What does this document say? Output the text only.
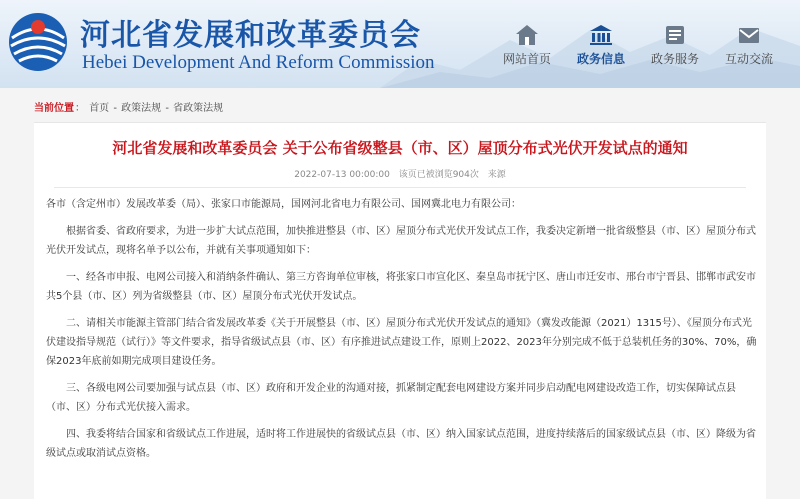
河北省发展和改革委员会
Hebei Development And Reform Commission	网站首页	政务信息	政务服务	互动交流
当前位置： 首页 - 政策法规 - 省政策法规
河北省发展和改革委员会 关于公布省级整县（市、区）屋顶分布式光伏开发试点的通知
2022-07-13 00:00:00 该页已被浏览904次 来源

各市（含定州市）发展改革委（局）、张家口市能源局，国网河北省电力有限公司、国网冀北电力有限公司：

根据省委、省政府要求，为进一步扩大试点范围，加快推进整县（市、区）屋顶分布式光伏开发试点工作，我委决定新增一批省级整县（市、区）屋顶分布式光伏开发试点，现将名单予以公布，并就有关事项通知如下：

一、经各市申报、电网公司接入和消纳条件确认、第三方咨询单位审核，将张家口市宣化区、秦皇岛市抚宁区、唐山市迁安市、邢台市宁晋县、邯郸市武安市共5个县（市、区）列为省级整县（市、区）屋顶分布式光伏开发试点。

二、请相关市能源主管部门结合省发展改革委《关于开展整县（市、区）屋顶分布式光伏开发试点的通知》（冀发改能源（2021）1315号）、《屋顶分布式光伏建设指导规范（试行）》等文件要求，指导省级试点县（市、区）有序推进试点建设工作，原则上2022、2023年分别完成不低于总装机任务的30%、70%，确保2023年底前如期完成项目建设任务。

三、各级电网公司要加强与试点县（市、区）政府和开发企业的沟通对接，抓紧制定配套电网建设方案并同步启动配电网建设改造工作，切实保障试点县（市、区）分布式光伏接入需求。

四、我委将结合国家和省级试点工作进展，适时将工作进展快的省级试点县（市、区）纳入国家试点范围，进度持续落后的国家级试点县（市、区）降级为省级试点或取消试点资格。
